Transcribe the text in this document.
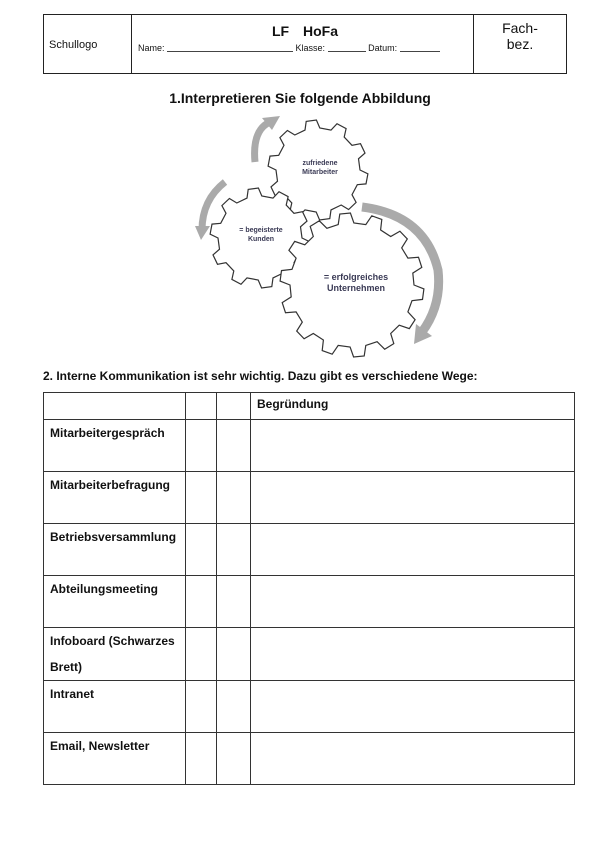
Schullogo
LF HoFa
Name:	Klasse:	Datum:
Fach-
bez.
1.Interpretieren Sie folgende Abbildung
zufriedene
Mitarbeiter
= begeisterte
Kunden
= erfolgreiches
Unternehmen
2. Interne Kommunikation ist sehr wichtig. Dazu gibt es verschiedene Wege:

			Begründung

Mitarbeitergespräch			

Mitarbeiterbefragung			

Betriebsversammlung			

Abteilungsmeeting			

Infoboard (Schwarzes Brett)			

Intranet			

Email, Newsletter			
